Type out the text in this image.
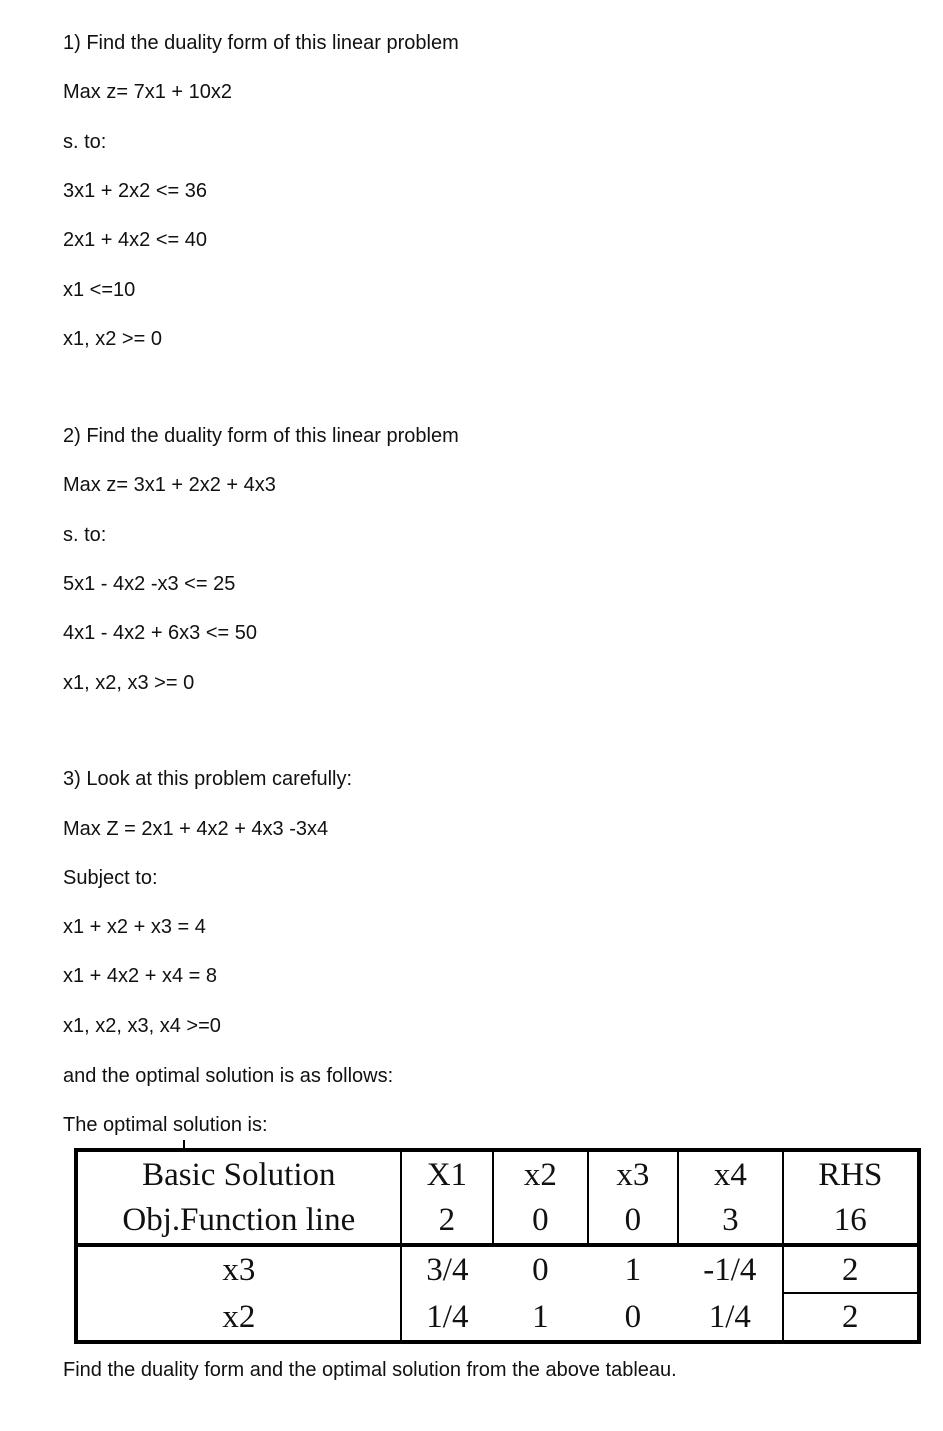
1) Find the duality form of this linear problem
Max z= 7x1 + 10x2
s. to:
3x1 + 2x2 <= 36
2x1 + 4x2 <= 40
x1 <=10
x1, x2 >= 0
2) Find the duality form of this linear problem
Max z= 3x1 + 2x2 + 4x3
s. to:
5x1 - 4x2 -x3 <= 25
4x1 - 4x2 + 6x3 <= 50
x1, x2, x3 >= 0
3) Look at this problem carefully:
Max Z = 2x1 + 4x2 + 4x3 -3x4
Subject to:
x1 + x2 + x3 = 4
x1 + 4x2 + x4 = 8
x1, x2, x3, x4 >=0
and the optimal solution is as follows:
The optimal solution is:
Basic Solution	X1	x2	x3	x4	RHS
Obj.Function line	2	0	0	3	16
x3	3/4	0	1	-1/4	2
x2	1/4	1	0	1/4	2
Find the duality form and the optimal solution from the above tableau.
